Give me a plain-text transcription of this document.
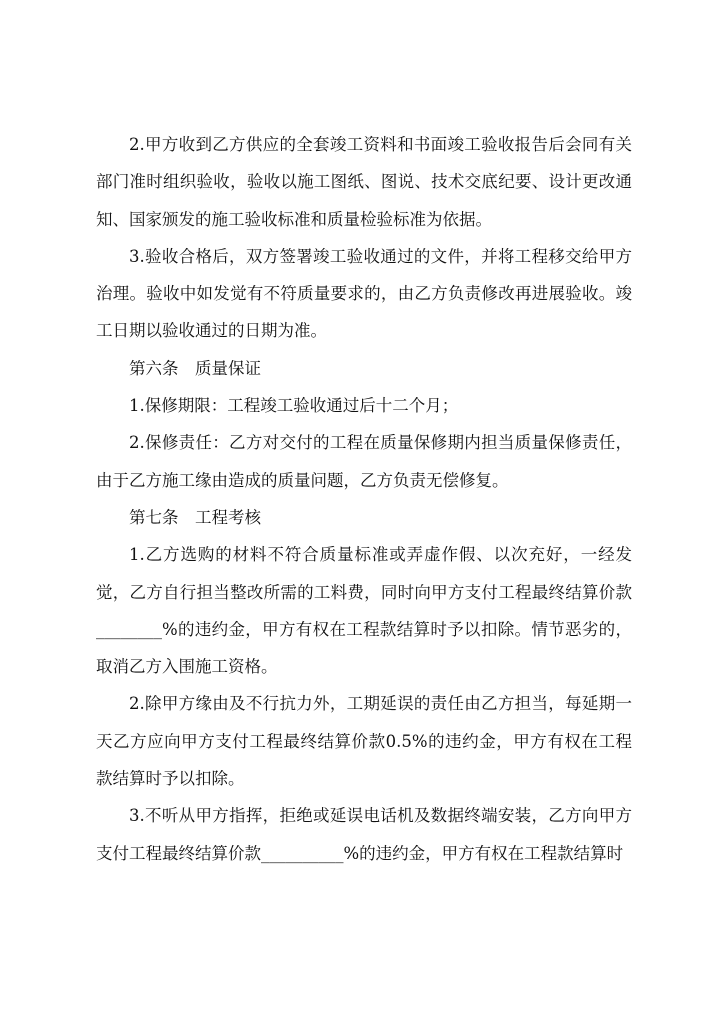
2.甲方收到乙方供应的全套竣工资料和书面竣工验收报告后会同有关部门准时组织验收，验收以施工图纸、图说、技术交底纪要、设计更改通知、国家颁发的施工验收标准和质量检验标准为依据。

3.验收合格后，双方签署竣工验收通过的文件，并将工程移交给甲方治理。验收中如发觉有不符质量要求的，由乙方负责修改再进展验收。竣工日期以验收通过的日期为准。

第六条　质量保证

1.保修期限：工程竣工验收通过后十二个月；

2.保修责任：乙方对交付的工程在质量保修期内担当质量保修责任，由于乙方施工缘由造成的质量问题，乙方负责无偿修复。

第七条　工程考核

1.乙方选购的材料不符合质量标准或弄虚作假、以次充好，一经发觉，乙方自行担当整改所需的工料费，同时向甲方支付工程最终结算价款________%的违约金，甲方有权在工程款结算时予以扣除。情节恶劣的，取消乙方入围施工资格。

2.除甲方缘由及不行抗力外，工期延误的责任由乙方担当，每延期一天乙方应向甲方支付工程最终结算价款0.5%的违约金，甲方有权在工程款结算时予以扣除。

3.不听从甲方指挥，拒绝或延误电话机及数据终端安装，乙方向甲方支付工程最终结算价款__________%的违约金，甲方有权在工程款结算时
